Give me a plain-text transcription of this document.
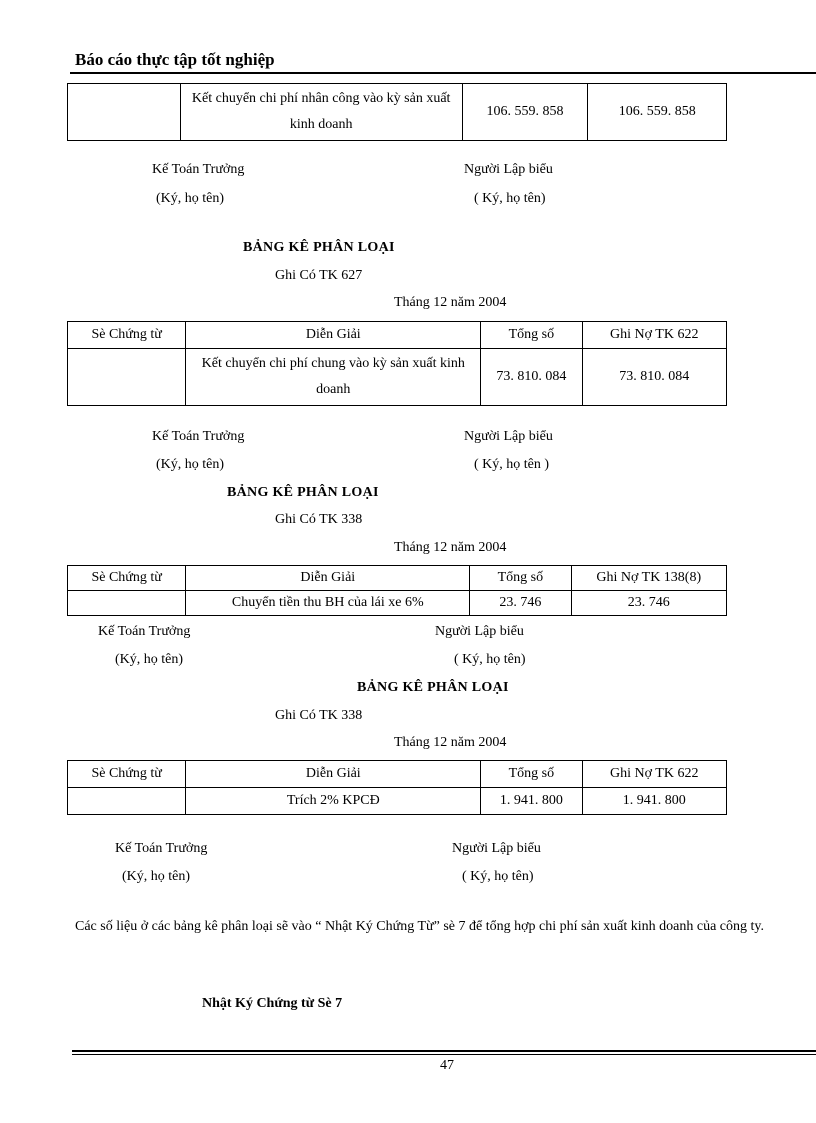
Báo cáo thực tập tốt nghiệp
	Kết chuyển chi phí nhân công vào kỳ sản xuất kinh doanh	106. 559. 858	106. 559. 858
Kế Toán Trưởng
(Ký, họ tên)
Người Lập biểu
( Ký, họ tên)
BẢNG KÊ PHÂN LOẠI
Ghi Có TK 627
Tháng 12 năm 2004
Sè Chứng từ	Diễn Giải	Tổng số	Ghi Nợ TK 622
	Kết chuyển chi phí chung vào kỳ sản xuất kinh doanh	73. 810. 084	73. 810. 084
Kế Toán Trưởng
(Ký, họ tên)
Người Lập biểu
( Ký, họ tên )
BẢNG KÊ PHÂN LOẠI
Ghi Có TK 338
Tháng 12 năm 2004
Sè Chứng từ	Diễn Giải	Tổng số	Ghi Nợ TK 138(8)
	Chuyển tiền thu BH của lái xe 6%	23. 746	23. 746
Kế Toán Trưởng
(Ký, họ tên)
Người Lập biểu
( Ký, họ tên)
BẢNG KÊ PHÂN LOẠI
Ghi Có TK 338
Tháng 12 năm 2004
Sè Chứng từ	Diễn Giải	Tổng số	Ghi Nợ TK 622
	Trích 2% KPCĐ	1. 941. 800	1. 941. 800
Kế Toán Trưởng
(Ký, họ tên)
Người Lập biểu
( Ký, họ tên)
Các số liệu ở các bảng kê phân loại sẽ vào “ Nhật Ký Chứng Từ” sè 7 để tổng hợp chi phí sản xuất kinh doanh của công ty.
Nhật Ký Chứng từ Sè 7
47
